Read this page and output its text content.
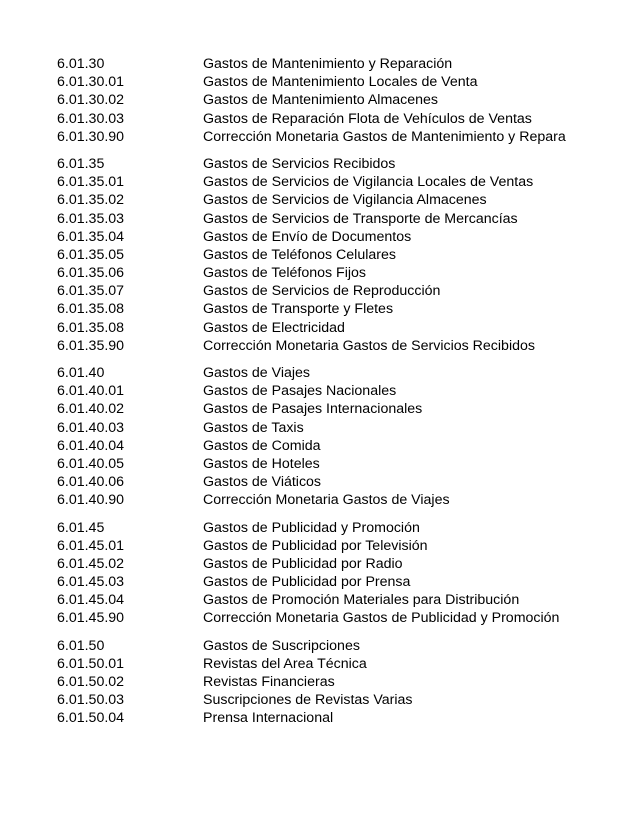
6.01.30	Gastos de Mantenimiento y Reparación
6.01.30.01	Gastos de Mantenimiento Locales de Venta
6.01.30.02	Gastos de Mantenimiento Almacenes
6.01.30.03	Gastos de Reparación Flota de Vehículos de Ventas
6.01.30.90	Corrección Monetaria Gastos de Mantenimiento y Repara
6.01.35	Gastos de Servicios Recibidos
6.01.35.01	Gastos de Servicios de Vigilancia Locales de Ventas
6.01.35.02	Gastos de Servicios de Vigilancia Almacenes
6.01.35.03	Gastos de Servicios de Transporte de Mercancías
6.01.35.04	Gastos de Envío de Documentos
6.01.35.05	Gastos de Teléfonos Celulares
6.01.35.06	Gastos de Teléfonos Fijos
6.01.35.07	Gastos de Servicios de Reproducción
6.01.35.08	Gastos de Transporte y Fletes
6.01.35.08	Gastos de Electricidad
6.01.35.90	Corrección Monetaria Gastos de Servicios Recibidos
6.01.40	Gastos de Viajes
6.01.40.01	Gastos de Pasajes Nacionales
6.01.40.02	Gastos de Pasajes Internacionales
6.01.40.03	Gastos de Taxis
6.01.40.04	Gastos de Comida
6.01.40.05	Gastos de Hoteles
6.01.40.06	Gastos de Viáticos
6.01.40.90	Corrección Monetaria Gastos de Viajes
6.01.45	Gastos de Publicidad y Promoción
6.01.45.01	Gastos de Publicidad por Televisión
6.01.45.02	Gastos de Publicidad por Radio
6.01.45.03	Gastos de Publicidad por Prensa
6.01.45.04	Gastos de Promoción Materiales para Distribución
6.01.45.90	Corrección Monetaria Gastos de Publicidad y Promoción
6.01.50	Gastos de Suscripciones
6.01.50.01	Revistas del Area Técnica
6.01.50.02	Revistas Financieras
6.01.50.03	Suscripciones de Revistas Varias
6.01.50.04	Prensa Internacional
